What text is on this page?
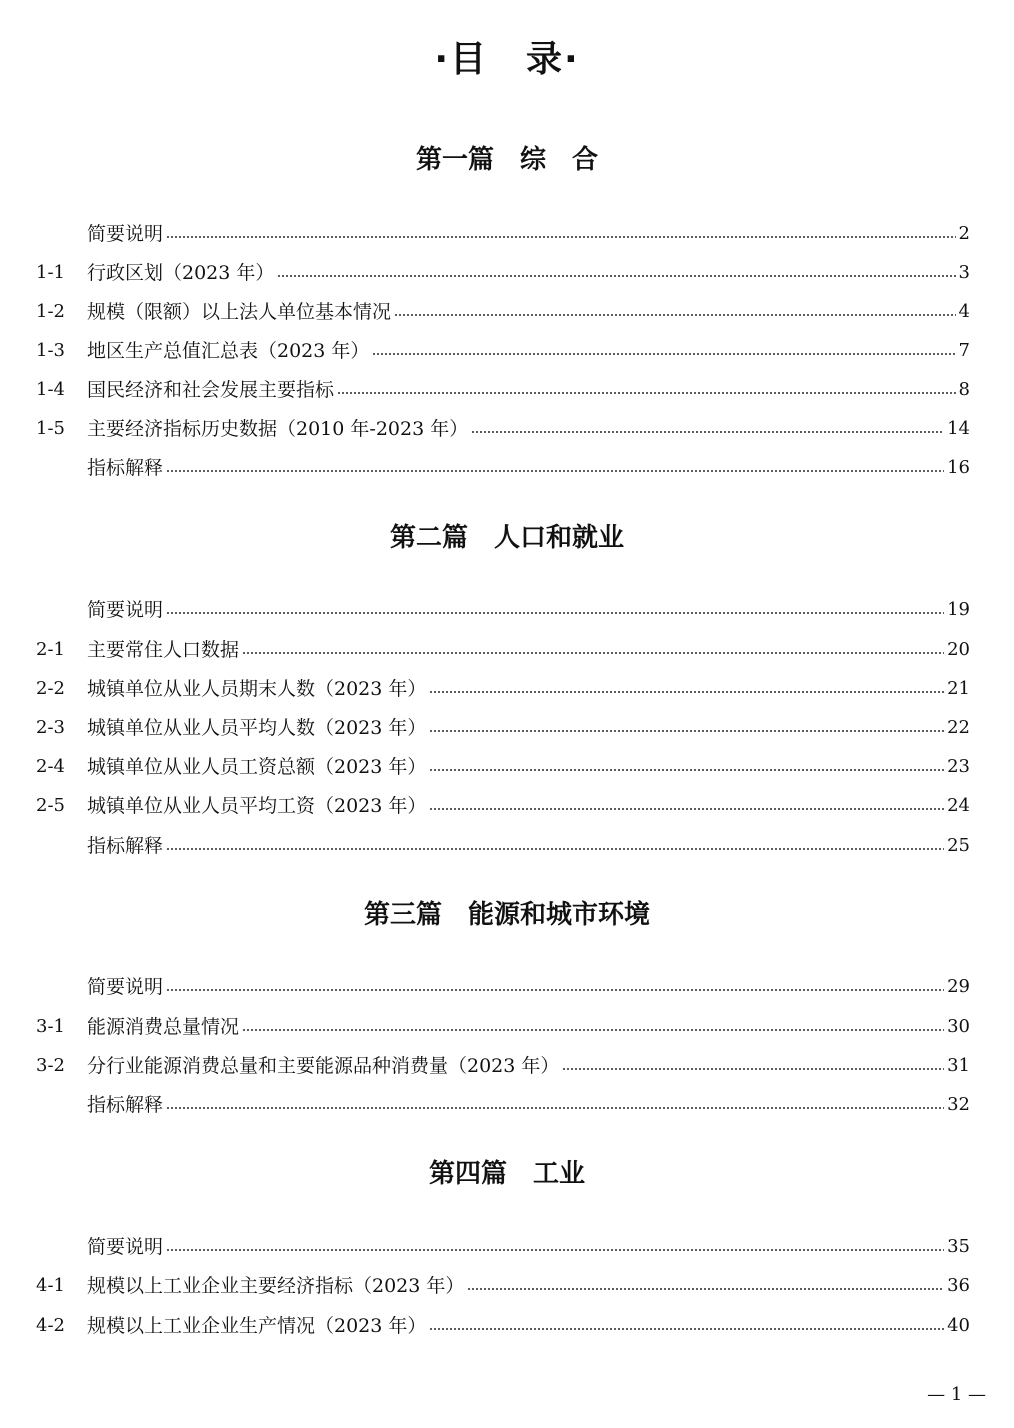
·目　录·
第一篇　综　合
简要说明	2
1-1	行政区划（2023 年）	3
1-2	规模（限额）以上法人单位基本情况	4
1-3	地区生产总值汇总表（2023 年）	7
1-4	国民经济和社会发展主要指标	8
1-5	主要经济指标历史数据（2010 年-2023 年）	14
指标解释	16
第二篇　人口和就业
简要说明	19
2-1	主要常住人口数据	20
2-2	城镇单位从业人员期末人数（2023 年）	21
2-3	城镇单位从业人员平均人数（2023 年）	22
2-4	城镇单位从业人员工资总额（2023 年）	23
2-5	城镇单位从业人员平均工资（2023 年）	24
指标解释	25
第三篇　能源和城市环境
简要说明	29
3-1	能源消费总量情况	30
3-2	分行业能源消费总量和主要能源品种消费量（2023 年）	31
指标解释	32
第四篇　工业
简要说明	35
4-1	规模以上工业企业主要经济指标（2023 年）	36
4-2	规模以上工业企业生产情况（2023 年）	40
— 1 —
